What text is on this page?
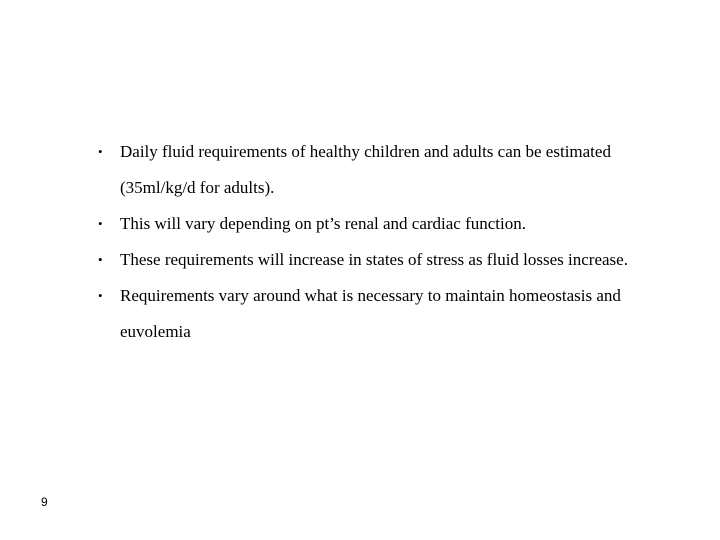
• Daily fluid requirements of healthy children and adults can be estimated (35ml/kg/d for adults).
• This will vary depending on pt’s renal and cardiac function.
• These requirements will increase in states of stress as fluid losses increase.
• Requirements vary around what is necessary to maintain homeostasis and euvolemia
9
